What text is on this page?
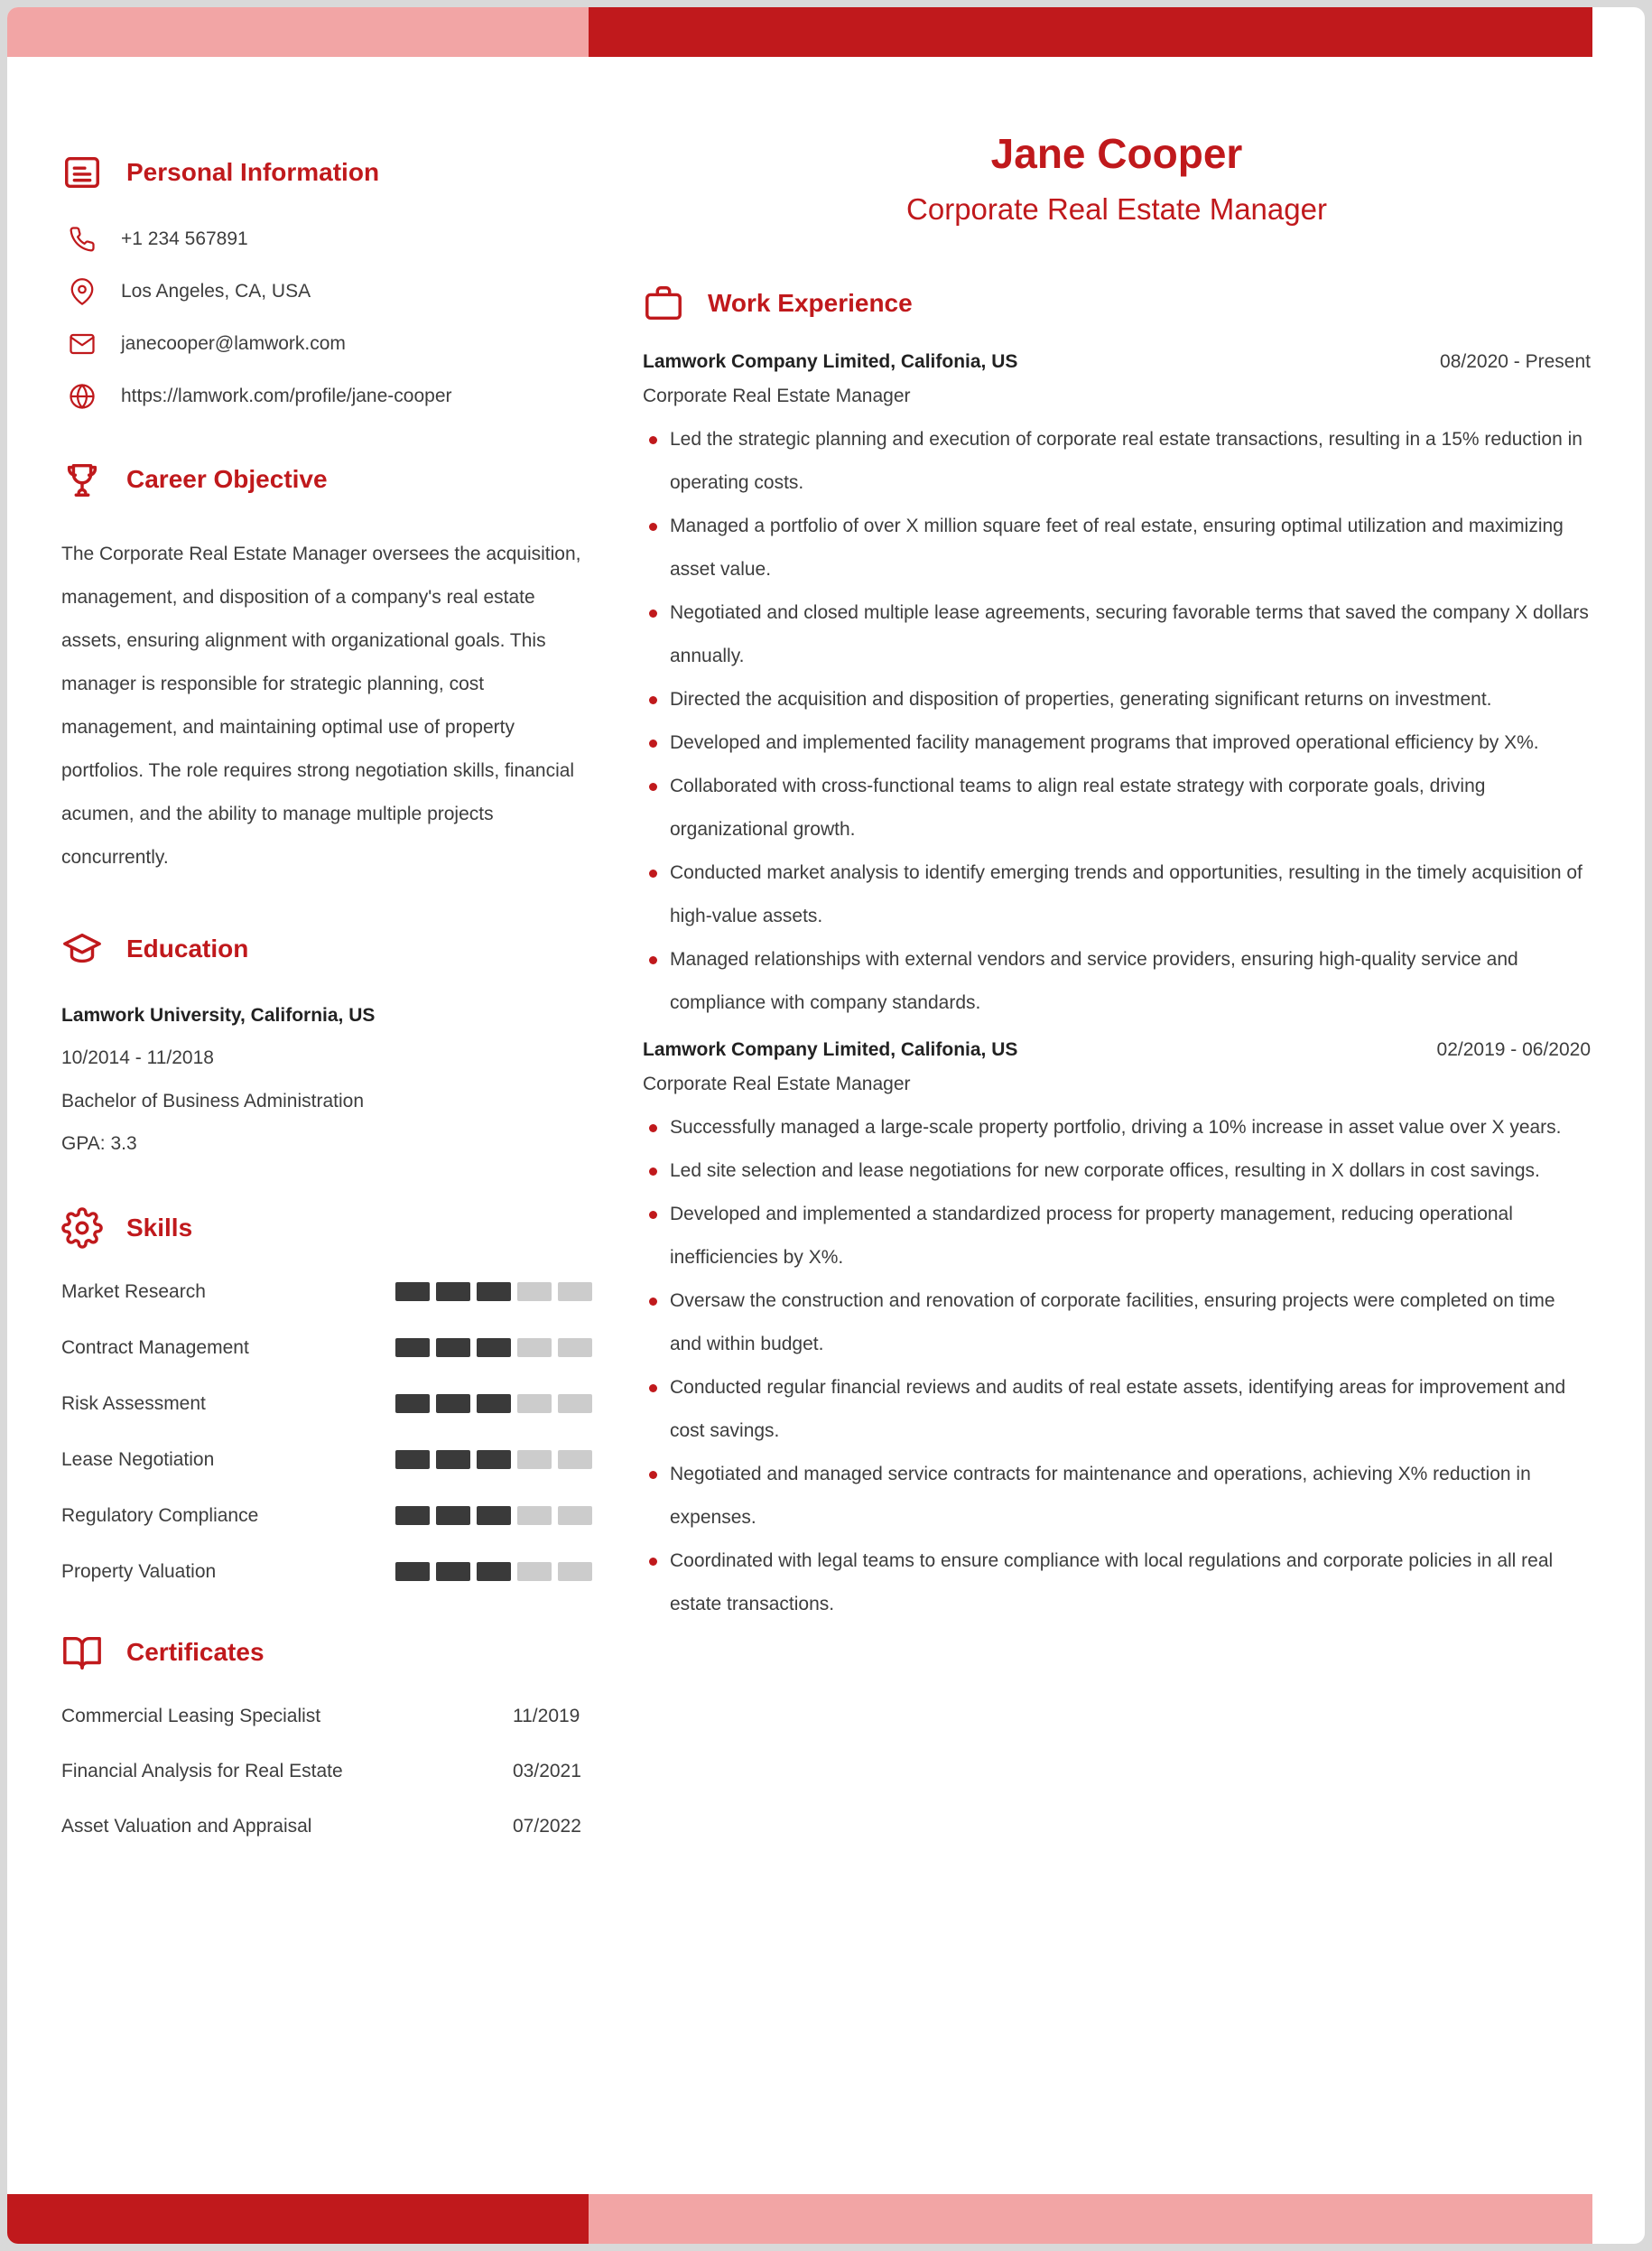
Personal Information
+1 234 567891
Los Angeles, CA, USA
janecooper@lamwork.com
https://lamwork.com/profile/jane-cooper
Career Objective

The Corporate Real Estate Manager oversees the acquisition, management, and disposition of a company's real estate assets, ensuring alignment with organizational goals. This manager is responsible for strategic planning, cost management, and maintaining optimal use of property portfolios. The role requires strong negotiation skills, financial acumen, and the ability to manage multiple projects concurrently.

Education
Lamwork University, California, US
10/2014 - 11/2018
Bachelor of Business Administration
GPA: 3.3
Skills
Market Research
Contract Management
Risk Assessment
Lease Negotiation
Regulatory Compliance
Property Valuation
Certificates
Commercial Leasing Specialist	11/2019
Financial Analysis for Real Estate	03/2021
Asset Valuation and Appraisal	07/2022
Jane Cooper
Corporate Real Estate Manager
Work Experience
Lamwork Company Limited, Califonia, US	08/2020 - Present
Corporate Real Estate Manager
Led the strategic planning and execution of corporate real estate transactions, resulting in a 15% reduction in operating costs.
Managed a portfolio of over X million square feet of real estate, ensuring optimal utilization and maximizing asset value.
Negotiated and closed multiple lease agreements, securing favorable terms that saved the company X dollars annually.
Directed the acquisition and disposition of properties, generating significant returns on investment.
Developed and implemented facility management programs that improved operational efficiency by X%.
Collaborated with cross-functional teams to align real estate strategy with corporate goals, driving organizational growth.
Conducted market analysis to identify emerging trends and opportunities, resulting in the timely acquisition of high-value assets.
Managed relationships with external vendors and service providers, ensuring high-quality service and compliance with company standards.
Lamwork Company Limited, Califonia, US	02/2019 - 06/2020
Corporate Real Estate Manager
Successfully managed a large-scale property portfolio, driving a 10% increase in asset value over X years.
Led site selection and lease negotiations for new corporate offices, resulting in X dollars in cost savings.
Developed and implemented a standardized process for property management, reducing operational inefficiencies by X%.
Oversaw the construction and renovation of corporate facilities, ensuring projects were completed on time and within budget.
Conducted regular financial reviews and audits of real estate assets, identifying areas for improvement and cost savings.
Negotiated and managed service contracts for maintenance and operations, achieving X% reduction in expenses.
Coordinated with legal teams to ensure compliance with local regulations and corporate policies in all real estate transactions.
